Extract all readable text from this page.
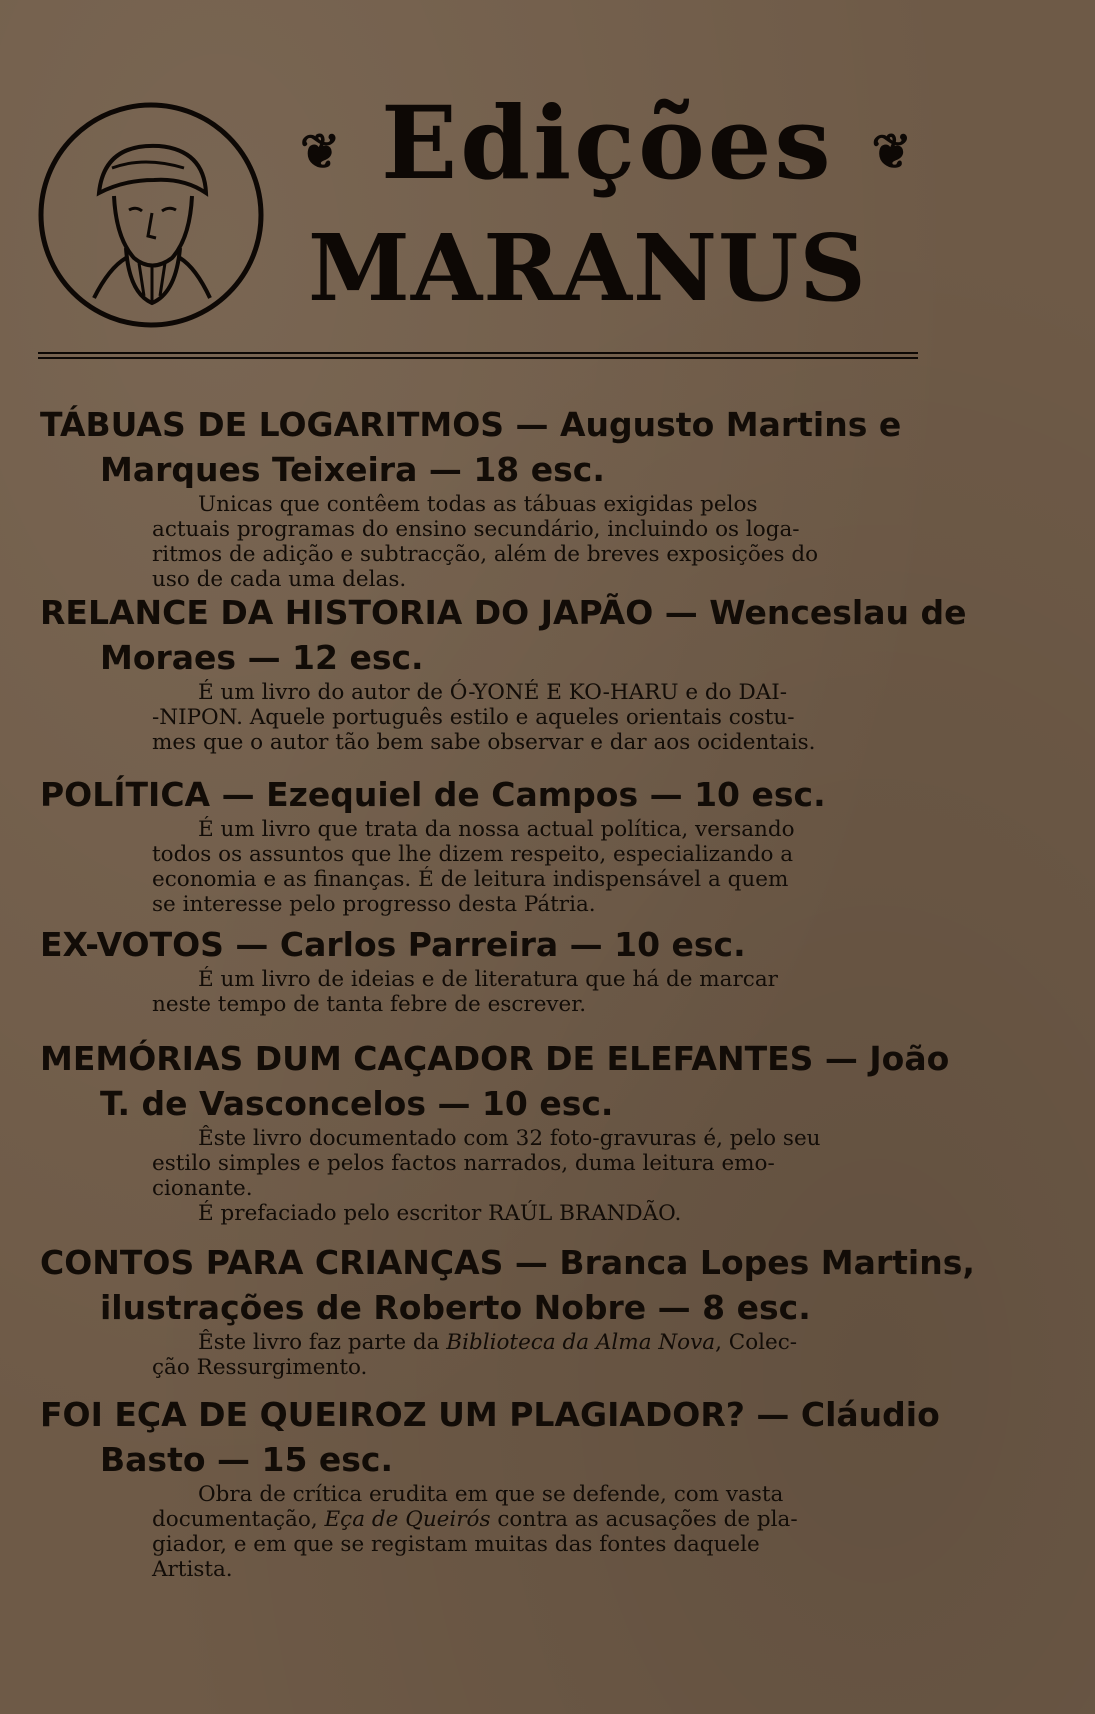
❦ Edições ❦
MARANUS
TÁBUAS DE LOGARITMOS — Augusto Martins e
Marques Teixeira — 18 esc.
Unicas que contêem todas as tábuas exigidas pelos
actuais programas do ensino secundário, incluindo os loga-
ritmos de adição e subtracção, além de breves exposições do
uso de cada uma delas.
RELANCE DA HISTORIA DO JAPÃO — Wenceslau de
Moraes — 12 esc.
É um livro do autor de Ó-YONÉ E KO-HARU e do DAI-
-NIPON. Aquele português estilo e aqueles orientais costu-
mes que o autor tão bem sabe observar e dar aos ocidentais.
POLÍTICA — Ezequiel de Campos — 10 esc.
É um livro que trata da nossa actual política, versando
todos os assuntos que lhe dizem respeito, especializando a
economia e as finanças. É de leitura indispensável a quem
se interesse pelo progresso desta Pátria.
EX-VOTOS — Carlos Parreira — 10 esc.
É um livro de ideias e de literatura que há de marcar
neste tempo de tanta febre de escrever.
MEMÓRIAS DUM CAÇADOR DE ELEFANTES — João
T. de Vasconcelos — 10 esc.
Êste livro documentado com 32 foto-gravuras é, pelo seu
estilo simples e pelos factos narrados, duma leitura emo-
cionante.
É prefaciado pelo escritor RAÚL BRANDÃO.
CONTOS PARA CRIANÇAS — Branca Lopes Martins,
ilustrações de Roberto Nobre — 8 esc.
Êste livro faz parte da Biblioteca da Alma Nova, Colec-
ção Ressurgimento.
FOI EÇA DE QUEIROZ UM PLAGIADOR? — Cláudio
Basto — 15 esc.
Obra de crítica erudita em que se defende, com vasta
documentação, Eça de Queirós contra as acusações de pla-
giador, e em que se registam muitas das fontes daquele
Artista.
